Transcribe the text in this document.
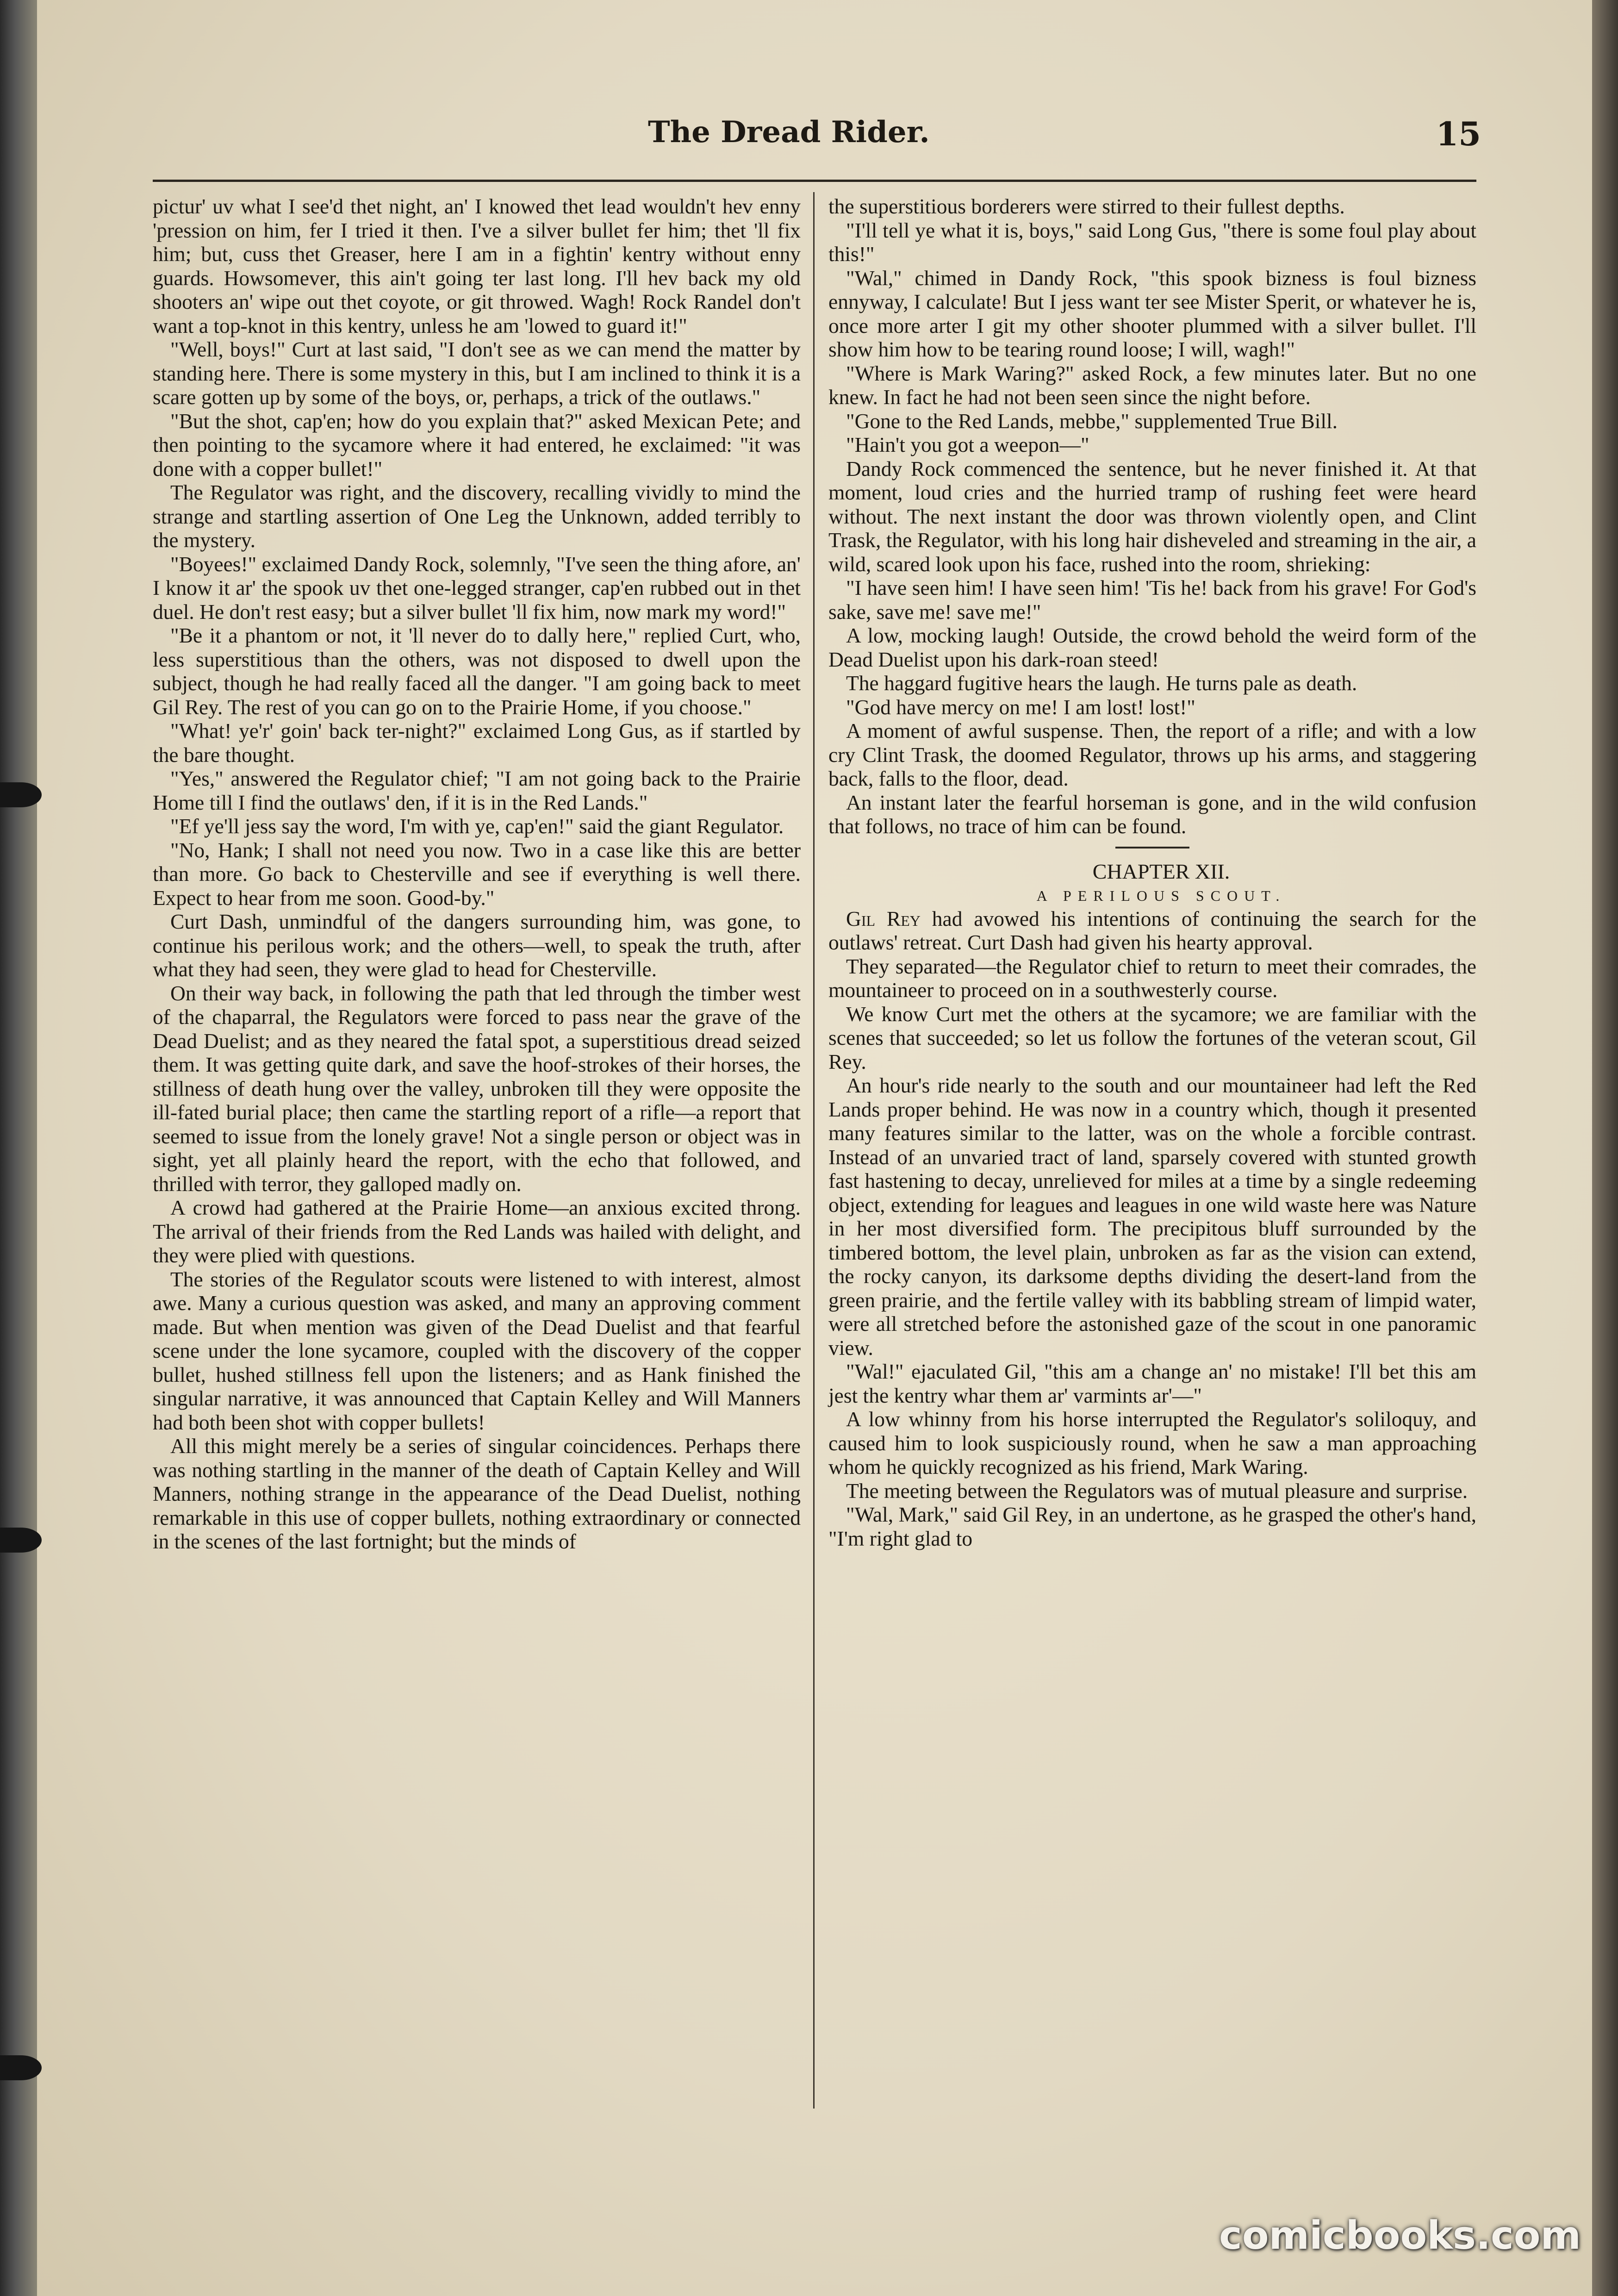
The Dread Rider.	15

pictur' uv what I see'd thet night, an' I knowed thet lead wouldn't hev enny 'pression on him, fer I tried it then. I've a silver bullet fer him; thet 'll fix him; but, cuss thet Greaser, here I am in a fightin' kentry without enny guards. Howsomever, this ain't going ter last long. I'll hev back my old shooters an' wipe out thet coyote, or git throwed. Wagh! Rock Randel don't want a top-knot in this kentry, unless he am 'lowed to guard it!"

"Well, boys!" Curt at last said, "I don't see as we can mend the matter by standing here. There is some mystery in this, but I am inclined to think it is a scare gotten up by some of the boys, or, perhaps, a trick of the outlaws."

"But the shot, cap'en; how do you explain that?" asked Mexican Pete; and then pointing to the sycamore where it had entered, he exclaimed: "it was done with a copper bullet!"

The Regulator was right, and the discovery, recalling vividly to mind the strange and startling assertion of One Leg the Unknown, added terribly to the mystery.

"Boyees!" exclaimed Dandy Rock, solemnly, "I've seen the thing afore, an' I know it ar' the spook uv thet one-legged stranger, cap'en rubbed out in thet duel. He don't rest easy; but a silver bullet 'll fix him, now mark my word!"

"Be it a phantom or not, it 'll never do to dally here," replied Curt, who, less superstitious than the others, was not disposed to dwell upon the subject, though he had really faced all the danger. "I am going back to meet Gil Rey. The rest of you can go on to the Prairie Home, if you choose."

"What! ye'r' goin' back ter-night?" exclaimed Long Gus, as if startled by the bare thought.

"Yes," answered the Regulator chief; "I am not going back to the Prairie Home till I find the outlaws' den, if it is in the Red Lands."

"Ef ye'll jess say the word, I'm with ye, cap'en!" said the giant Regulator.

"No, Hank; I shall not need you now. Two in a case like this are better than more. Go back to Chesterville and see if everything is well there. Expect to hear from me soon. Good-by."

Curt Dash, unmindful of the dangers surrounding him, was gone, to continue his perilous work; and the others—well, to speak the truth, after what they had seen, they were glad to head for Chesterville.

On their way back, in following the path that led through the timber west of the chaparral, the Regulators were forced to pass near the grave of the Dead Duelist; and as they neared the fatal spot, a superstitious dread seized them. It was getting quite dark, and save the hoof-strokes of their horses, the stillness of death hung over the valley, unbroken till they were opposite the ill-fated burial place; then came the startling report of a rifle—a report that seemed to issue from the lonely grave! Not a single person or object was in sight, yet all plainly heard the report, with the echo that followed, and thrilled with terror, they galloped madly on.

A crowd had gathered at the Prairie Home—an anxious excited throng. The arrival of their friends from the Red Lands was hailed with delight, and they were plied with questions.

The stories of the Regulator scouts were listened to with interest, almost awe. Many a curious question was asked, and many an approving comment made. But when mention was given of the Dead Duelist and that fearful scene under the lone sycamore, coupled with the discovery of the copper bullet, hushed stillness fell upon the listeners; and as Hank finished the singular narrative, it was announced that Captain Kelley and Will Manners had both been shot with copper bullets!

All this might merely be a series of singular coincidences. Perhaps there was nothing startling in the manner of the death of Captain Kelley and Will Manners, nothing strange in the appearance of the Dead Duelist, nothing remarkable in this use of copper bullets, nothing extraordinary or connected in the scenes of the last fortnight; but the minds of

the superstitious borderers were stirred to their fullest depths.

"I'll tell ye what it is, boys," said Long Gus, "there is some foul play about this!"

"Wal," chimed in Dandy Rock, "this spook bizness is foul bizness ennyway, I calculate! But I jess want ter see Mister Sperit, or whatever he is, once more arter I git my other shooter plummed with a silver bullet. I'll show him how to be tearing round loose; I will, wagh!"

"Where is Mark Waring?" asked Rock, a few minutes later. But no one knew. In fact he had not been seen since the night before.

"Gone to the Red Lands, mebbe," supplemented True Bill.

"Hain't you got a weepon—"

Dandy Rock commenced the sentence, but he never finished it. At that moment, loud cries and the hurried tramp of rushing feet were heard without. The next instant the door was thrown violently open, and Clint Trask, the Regulator, with his long hair disheveled and streaming in the air, a wild, scared look upon his face, rushed into the room, shrieking:

"I have seen him! I have seen him! 'Tis he! back from his grave! For God's sake, save me! save me!"

A low, mocking laugh! Outside, the crowd behold the weird form of the Dead Duelist upon his dark-roan steed!

The haggard fugitive hears the laugh. He turns pale as death.

"God have mercy on me! I am lost! lost!"

A moment of awful suspense. Then, the report of a rifle; and with a low cry Clint Trask, the doomed Regulator, throws up his arms, and staggering back, falls to the floor, dead.

An instant later the fearful horseman is gone, and in the wild confusion that follows, no trace of him can be found.

CHAPTER XII.

A PERILOUS SCOUT.

Gil Rey had avowed his intentions of continuing the search for the outlaws' retreat. Curt Dash had given his hearty approval.

They separated—the Regulator chief to return to meet their comrades, the mountaineer to proceed on in a southwesterly course.

We know Curt met the others at the sycamore; we are familiar with the scenes that succeeded; so let us follow the fortunes of the veteran scout, Gil Rey.

An hour's ride nearly to the south and our mountaineer had left the Red Lands proper behind. He was now in a country which, though it presented many features similar to the latter, was on the whole a forcible contrast. Instead of an unvaried tract of land, sparsely covered with stunted growth fast hastening to decay, unrelieved for miles at a time by a single redeeming object, extending for leagues and leagues in one wild waste here was Nature in her most diversified form. The precipitous bluff surrounded by the timbered bottom, the level plain, unbroken as far as the vision can extend, the rocky canyon, its darksome depths dividing the desert-land from the green prairie, and the fertile valley with its babbling stream of limpid water, were all stretched before the astonished gaze of the scout in one panoramic view.

"Wal!" ejaculated Gil, "this am a change an' no mistake! I'll bet this am jest the kentry whar them ar' varmints ar'—"

A low whinny from his horse interrupted the Regulator's soliloquy, and caused him to look suspiciously round, when he saw a man approaching whom he quickly recognized as his friend, Mark Waring.

The meeting between the Regulators was of mutual pleasure and surprise.

"Wal, Mark," said Gil Rey, in an undertone, as he grasped the other's hand, "I'm right glad to

comicbooks.com
